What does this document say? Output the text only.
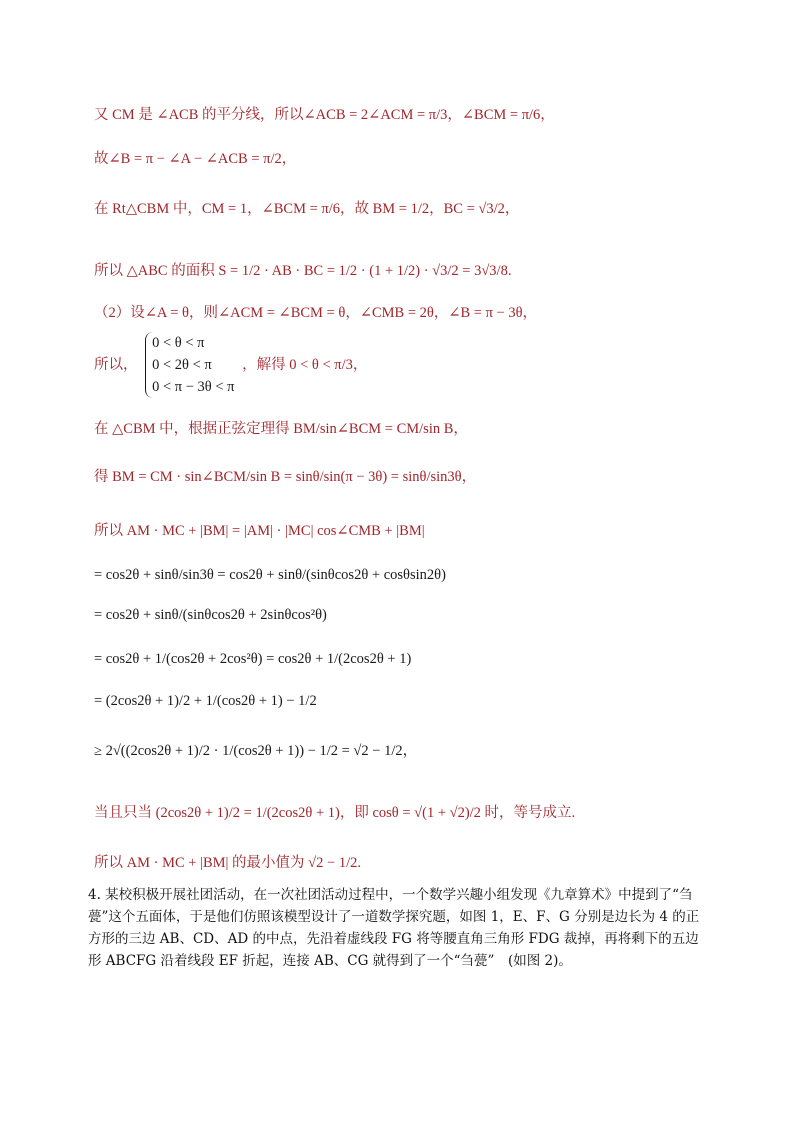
又 CM 是 ∠ACB 的平分线，所以∠ACB = 2∠ACM = π/3，∠BCM = π/6，
故∠B = π − ∠A − ∠ACB = π/2，
在 Rt△CBM 中，CM = 1，∠BCM = π/6，故 BM = 1/2，BC = √3/2，
所以 △ABC 的面积 S = 1/2 · AB · BC = 1/2 · (1 + 1/2) · √3/2 = 3√3/8.
（2）设∠A = θ，则∠ACM = ∠BCM = θ，∠CMB = 2θ，∠B = π − 3θ，
所以，
0 < θ < π
0 < 2θ < π
0 < π − 3θ < π
，解得 0 < θ < π/3，
在 △CBM 中，根据正弦定理得 BM/sin∠BCM = CM/sin B，
得 BM = CM · sin∠BCM/sin B = sinθ/sin(π − 3θ) = sinθ/sin3θ，
所以 AM · MC + |BM| = |AM| · |MC| cos∠CMB + |BM|
= cos2θ + sinθ/sin3θ = cos2θ + sinθ/(sinθcos2θ + cosθsin2θ)
= cos2θ + sinθ/(sinθcos2θ + 2sinθcos²θ)
= cos2θ + 1/(cos2θ + 2cos²θ) = cos2θ + 1/(2cos2θ + 1)
= (2cos2θ + 1)/2 + 1/(cos2θ + 1) − 1/2
≥ 2√((2cos2θ + 1)/2 · 1/(cos2θ + 1)) − 1/2 = √2 − 1/2，
当且只当 (2cos2θ + 1)/2 = 1/(2cos2θ + 1)，即 cosθ = √(1 + √2)/2 时，等号成立.
所以 AM · MC + |BM| 的最小值为 √2 − 1/2.
4. 某校积极开展社团活动，在一次社团活动过程中，一个数学兴趣小组发现《九章算术》中提到了“刍甍”这个五面体，于是他们仿照该模型设计了一道数学探究题，如图 1，E、F、G 分别是边长为 4 的正方形的三边 AB、CD、AD 的中点，先沿着虚线段 FG 将等腰直角三角形 FDG 裁掉，再将剩下的五边形 ABCFG 沿着线段 EF 折起，连接 AB、CG 就得到了一个“刍甍”　(如图 2)。
